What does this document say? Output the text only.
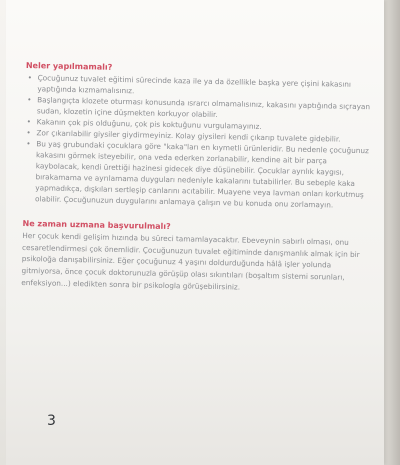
Neler yapılmamalı?
• Çocuğunuz tuvalet eğitimi sürecinde kaza ile ya da özellikle başka yere çişini kakasını yaptığında kızmamalısınız.
• Başlangıçta klozete oturması konusunda ısrarcı olmamalısınız, kakasını yaptığında sıçrayan sudan, klozetin içine düşmekten korkuyor olabilir.
• Kakanın çok pis olduğunu, çok pis koktuğunu vurgulamayınız.
• Zor çıkarılabilir giysiler giydirmeyiniz. Kolay giysileri kendi çıkarıp tuvalete gidebilir.
• Bu yaş grubundaki çocuklara göre "kaka"ları en kıymetli ürünleridir. Bu nedenle çocuğunuz kakasını görmek isteyebilir, ona veda ederken zorlanabilir, kendine ait bir parça kaybolacak, kendi ürettiği hazinesi gidecek diye düşünebilir. Çocuklar ayrılık kaygısı, bırakamama ve ayrılamama duyguları nedeniyle kakalarını tutabilirler. Bu sebeple kaka yapmadıkça, dışkıları sertleşip canlarını acıtabilir. Muayene veya lavman onları korkutmuş olabilir. Çocuğunuzun duygularını anlamaya çalışın ve bu konuda onu zorlamayın.
Ne zaman uzmana başvurulmalı?

Her çocuk kendi gelişim hızında bu süreci tamamlayacaktır. Ebeveynin sabırlı olması, onu cesaretlendirmesi çok önemlidir. Çocuğunuzun tuvalet eğitiminde danışmanlık almak için bir psikoloğa danışabilirsiniz. Eğer çocuğunuz 4 yaşını doldurduğunda hâlâ işler yolunda gitmiyorsa, önce çocuk doktorunuzla görüşüp olası sıkıntıları (boşaltım sistemi sorunları, enfeksiyon...) eledikten sonra bir psikologla görüşebilirsiniz.

3
